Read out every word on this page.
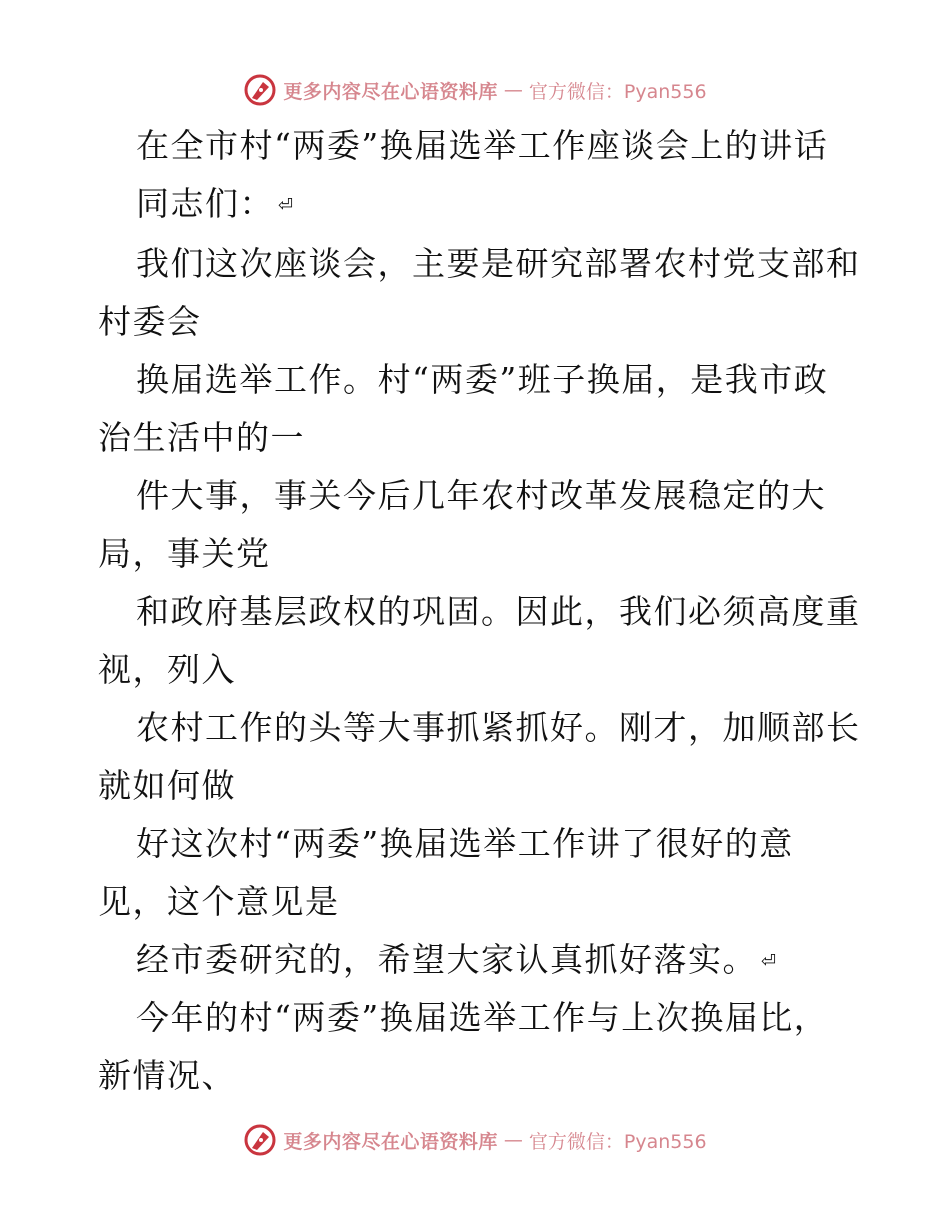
更多内容尽在心语资料库 — 官方微信：Pyan556
在全市村“两委”换届选举工作座谈会上的讲话
同志们： ⏎
我们这次座谈会，主要是研究部署农村党支部和
村委会
换届选举工作。村“两委”班子换届，是我市政
治生活中的一
件大事，事关今后几年农村改革发展稳定的大
局，事关党
和政府基层政权的巩固。因此，我们必须高度重
视，列入
农村工作的头等大事抓紧抓好。刚才，加顺部长
就如何做
好这次村“两委”换届选举工作讲了很好的意
见，这个意见是
经市委研究的，希望大家认真抓好落实。 ⏎
今年的村“两委”换届选举工作与上次换届比，
新情况、
更多内容尽在心语资料库 — 官方微信：Pyan556
